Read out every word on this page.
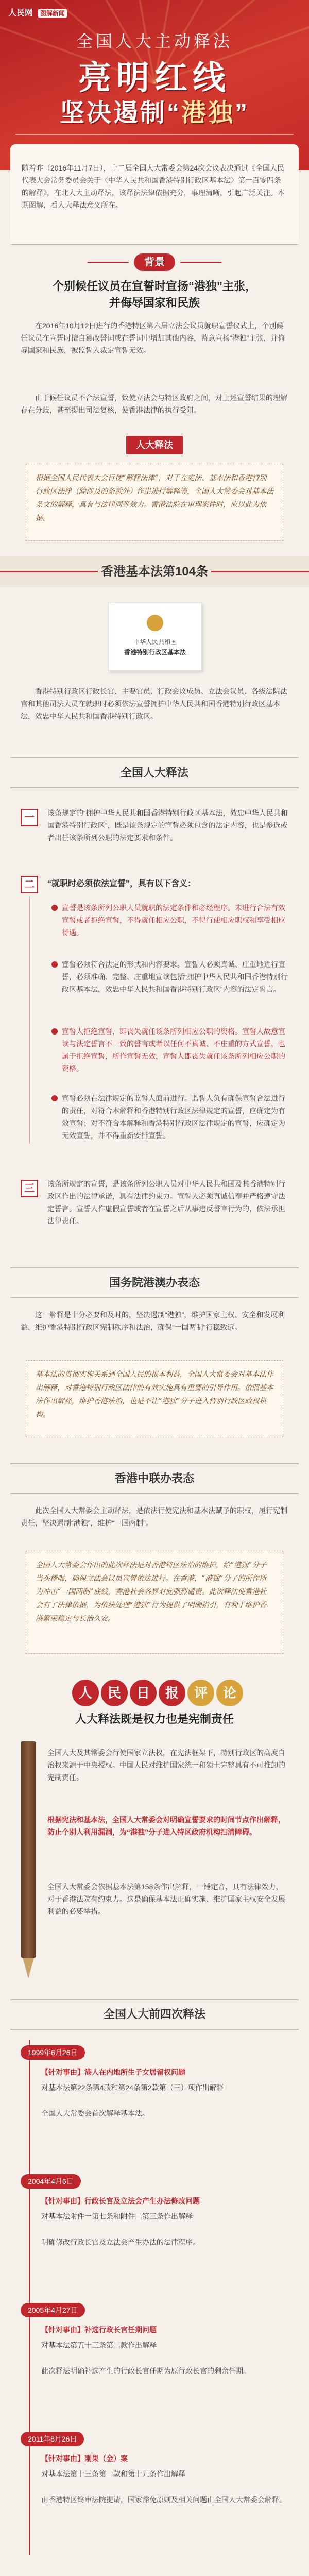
人民网 图解新闻
全国人大主动释法
亮明红线
坚决遏制“港独”
随着昨（2016年11月7日），十二届全国人大常委会第24次会议表决通过《全国人民代表大会常务委员会关于〈中华人民共和国香港特别行政区基本法〉第一百零四条的解释》，在北人大主动释法，该释法法律依据充分，事理清晰，引起广泛关注。本期图解，看人大释法意义所在。
背景
个别候任议员在宣誓时宣扬“港独”主张，
并侮辱国家和民族
在2016年10月12日进行的香港特区第六届立法会议员就职宣誓仪式上，个别候任议员在宣誓时擅自篡改誓词或在誓词中增加其他内容，蓄意宣扬“港独”主张，并侮辱国家和民族，被监誓人裁定宣誓无效。
由于候任议员不合法宣誓，致使立法会与特区政府之间，对上述宣誓结果的理解存在分歧，甚至提出司法复核，使香港法律的执行受阻。
人大释法
根据全国人民代表大会行使“解释法律”，对于在宪法、基本法和香港特别行政区法律（除涉及的条款外）作出进行解释等，全国人大常委会对基本法条文的解释，具有与法律同等效力。香港法院在审理案件时，应以此为依据。
香港基本法第104条
中华人民共和国
香港特别行政区基本法
香港特别行政区行政长官、主要官员、行政会议成员、立法会议员、各级法院法官和其他司法人员在就职时必须依法宣誓拥护中华人民共和国香港特别行政区基本法，效忠中华人民共和国香港特别行政区。
全国人大释法
一	该条规定的“拥护中华人民共和国香港特别行政区基本法，效忠中华人民共和国香港特别行政区”，既是该条规定的宣誓必须包含的法定内容，也是参选或者出任该条所列公职的法定要求和条件。
二	“就职时必须依法宣誓”，具有以下含义：
宣誓是该条所列公职人员就职的法定条件和必经程序。未进行合法有效宣誓或者拒绝宣誓，不得就任相应公职，不得行使相应职权和享受相应待遇。
宣誓必须符合法定的形式和内容要求。宣誓人必须真诚、庄重地进行宣誓，必须准确、完整、庄重地宣读包括“拥护中华人民共和国香港特别行政区基本法，效忠中华人民共和国香港特别行政区”内容的法定誓言。
宣誓人拒绝宣誓，即丧失就任该条所列相应公职的资格。宣誓人故意宣读与法定誓言不一致的誓言或者以任何不真诚、不庄重的方式宣誓，也属于拒绝宣誓，所作宣誓无效，宣誓人即丧失就任该条所列相应公职的资格。
宣誓必须在法律规定的监誓人面前进行。监誓人负有确保宣誓合法进行的责任，对符合本解释和香港特别行政区法律规定的宣誓，应确定为有效宣誓；对不符合本解释和香港特别行政区法律规定的宣誓，应确定为无效宣誓，并不得重新安排宣誓。
三	该条所规定的宣誓，是该条所列公职人员对中华人民共和国及其香港特别行政区作出的法律承诺，具有法律约束力。宣誓人必须真诚信奉并严格遵守法定誓言。宣誓人作虚假宣誓或者在宣誓之后从事违反誓言行为的，依法承担法律责任。
国务院港澳办表态
这一解释是十分必要和及时的，坚决遏制“港独”，维护国家主权、安全和发展利益，维护香港特别行政区宪制秩序和法治，确保“一国两制”行稳致远。
基本法的贯彻实施关系到全国人民的根本利益，全国人大常委会对基本法作出解释，对香港特别行政区法律的有效实施具有重要的引导作用。依照基本法作出解释，维护香港法治，也是不让“港独”分子进入特别行政区政权机构。
香港中联办表态
此次全国人大常委会主动释法，是依法行使宪法和基本法赋予的职权，履行宪制责任，坚决遏制“港独”，维护“一国两制”。
全国人大常委会作出的此次释法是对香港特区法治的维护，给“港独”分子当头棒喝，确保立法会议员宣誓依法进行。在香港，“港独”分子的所作所为冲击“一国两制”底线，香港社会各界对此强烈谴责。此次释法使香港社会有了法律依据，为依法处理“港独”行为提供了明确指引，有利于维护香港繁荣稳定与长治久安。
人	民	日	报	评	论
人大释法既是权力也是宪制责任
全国人大及其常委会行使国家立法权，在宪法框架下，特别行政区的高度自治权来源于中央授权。中国人民对维护国家统一和领土完整具有不可推卸的宪制责任。
根据宪法和基本法，全国人大常委会对明确宣誓要求的时间节点作出解释，防止个别人利用漏洞，为“港独”分子进入特区政府机构扫清障碍。
全国人大常委会依据基本法第158条作出解释，一锤定音，具有法律效力，对于香港法院有约束力。这是确保基本法正确实施、维护国家主权安全发展利益的必要举措。
全国人大前四次释法
1999年6月26日
【针对事由】港人在内地所生子女居留权问题
对基本法第22条第4款和第24条第2款第（三）项作出解释
全国人大常委会首次解释基本法。
2004年4月6日
【针对事由】行政长官及立法会产生办法修改问题
对基本法附件一第七条和附件二第三条作出解释
明确修改行政长官及立法会产生办法的法律程序。
2005年4月27日
【针对事由】补选行政长官任期问题
对基本法第五十三条第二款作出解释
此次释法明确补选产生的行政长官任期为原行政长官的剩余任期。
2011年8月26日
【针对事由】刚果（金）案
对基本法第十三条第一款和第十九条作出解释
由香港特区终审法院提请，国家豁免原则及相关问题由全国人大常委会解释。
